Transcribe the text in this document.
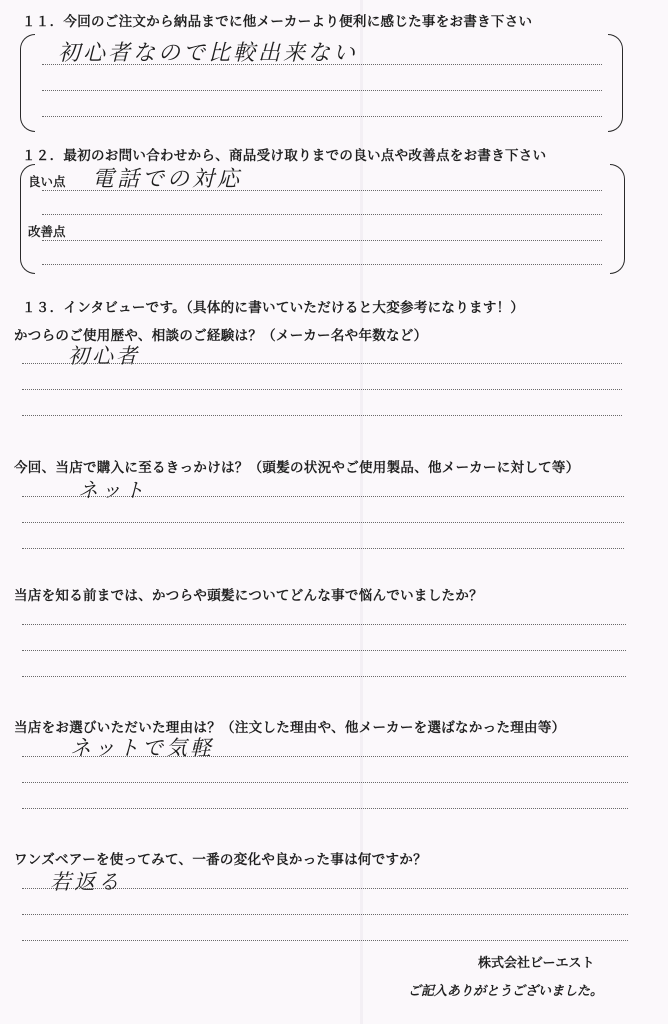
１１．今回のご注文から納品までに他メーカーより便利に感じた事をお書き下さい
初心者なので比較出来ない
１２．最初のお問い合わせから、商品受け取りまでの良い点や改善点をお書き下さい
良い点 電話での対応
改善点
１３．インタビューです。（具体的に書いていただけると大変参考になります！）
かつらのご使用歴や、相談のご経験は？（メーカー名や年数など）
初心者
今回、当店で購入に至るきっかけは？（頭髪の状況やご使用製品、他メーカーに対して等）
ネット
当店を知る前までは、かつらや頭髪についてどんな事で悩んでいましたか？
当店をお選びいただいた理由は？（注文した理由や、他メーカーを選ばなかった理由等）
ネットで気軽
ワンズベアーを使ってみて、一番の変化や良かった事は何ですか？
若返る
株式会社ビーエスト
ご記入ありがとうございました。
